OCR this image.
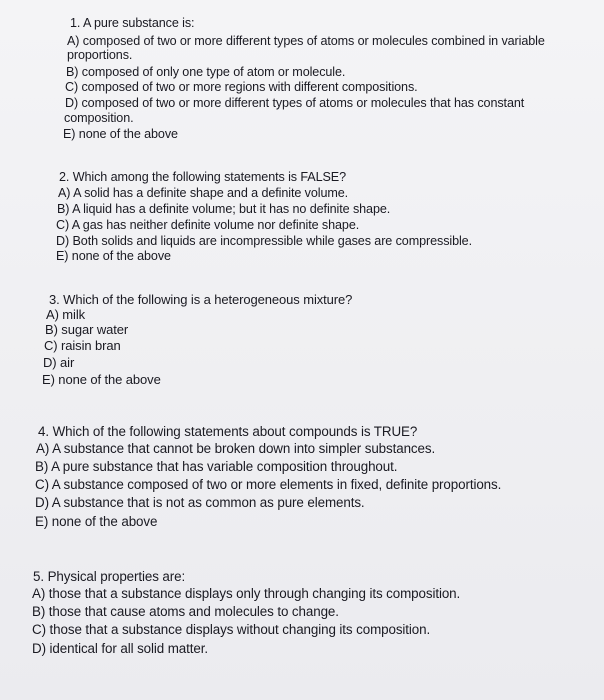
1. A pure substance is:
A) composed of two or more different types of atoms or molecules combined in variable
proportions.
B) composed of only one type of atom or molecule.
C) composed of two or more regions with different compositions.
D) composed of two or more different types of atoms or molecules that has constant
composition.
E) none of the above
2. Which among the following statements is FALSE?
A) A solid has a definite shape and a definite volume.
B) A liquid has a definite volume; but it has no definite shape.
C) A gas has neither definite volume nor definite shape.
D) Both solids and liquids are incompressible while gases are compressible.
E) none of the above
3. Which of the following is a heterogeneous mixture?
A) milk
B) sugar water
C) raisin bran
D) air
E) none of the above
4. Which of the following statements about compounds is TRUE?
A) A substance that cannot be broken down into simpler substances.
B) A pure substance that has variable composition throughout.
C) A substance composed of two or more elements in fixed, definite proportions.
D) A substance that is not as common as pure elements.
E) none of the above
5. Physical properties are:
A) those that a substance displays only through changing its composition.
B) those that cause atoms and molecules to change.
C) those that a substance displays without changing its composition.
D) identical for all solid matter.
